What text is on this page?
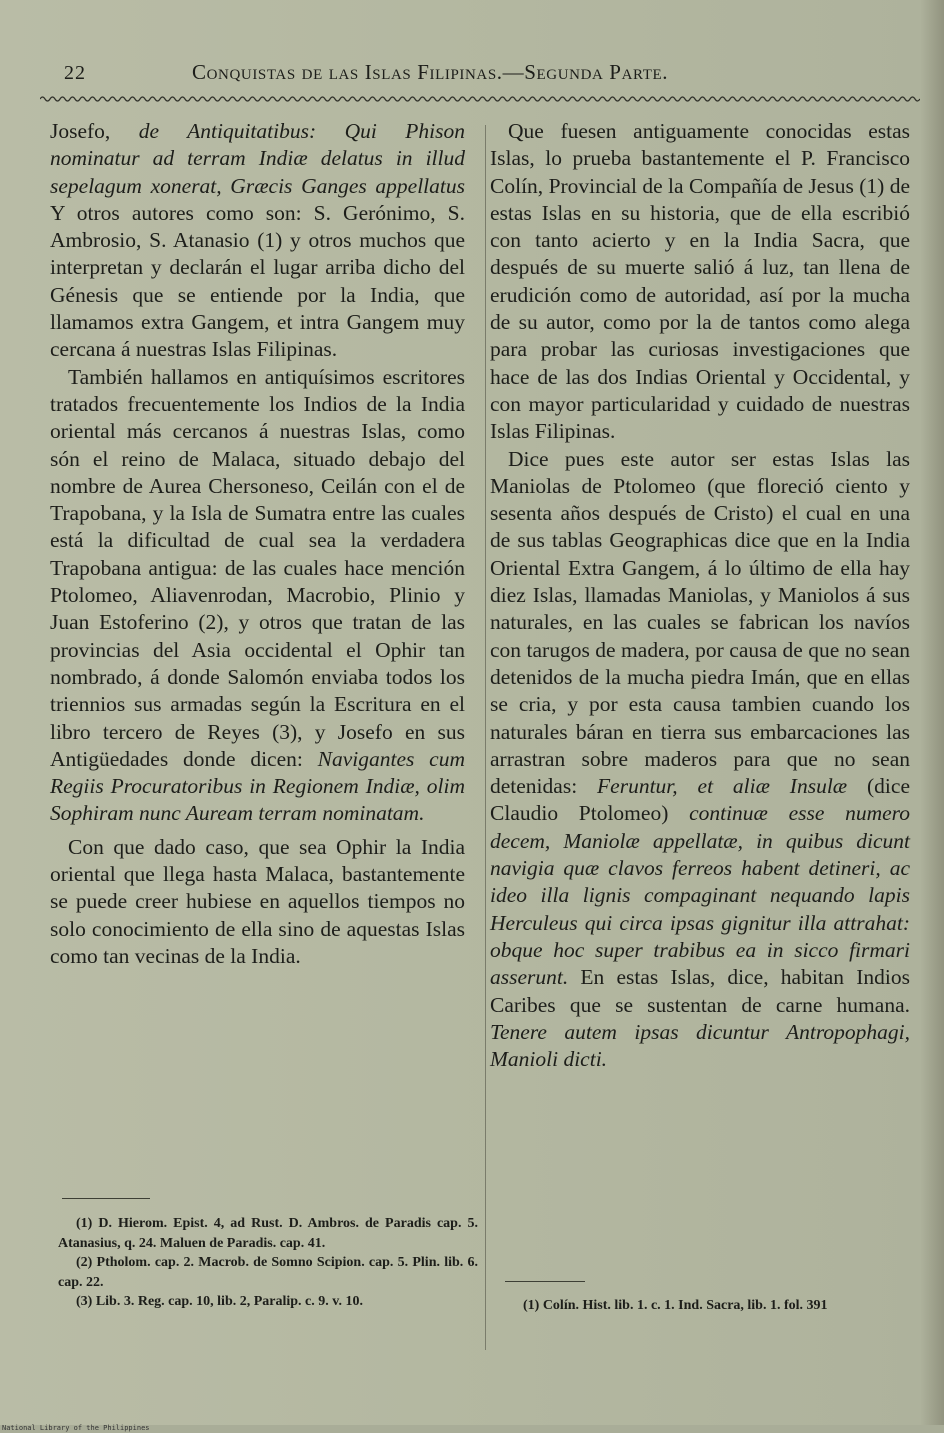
22	Conquistas de las Islas Filipinas.—Segunda Parte.

Josefo, de Antiquitatibus: Qui Phison nominatur ad terram Indiæ delatus in illud sepelagum xonerat, Græcis Ganges appellatus Y otros autores como son: S. Gerónimo, S. Ambrosio, S. Atanasio (1) y otros muchos que interpretan y declarán el lugar arriba dicho del Génesis que se entiende por la India, que llamamos extra Gangem, et intra Gangem muy cercana á nuestras Islas Filipinas.

También hallamos en antiquísimos escritores tratados frecuentemente los Indios de la India oriental más cercanos á nuestras Islas, como són el reino de Malaca, situado debajo del nombre de Aurea Chersoneso, Ceilán con el de Trapobana, y la Isla de Sumatra entre las cuales está la dificultad de cual sea la verdadera Trapobana antigua: de las cuales hace mención Ptolomeo, Aliavenrodan, Macrobio, Plinio y Juan Estoferino (2), y otros que tratan de las provincias del Asia occidental el Ophir tan nombrado, á donde Salomón enviaba todos los triennios sus armadas según la Escritura en el libro tercero de Reyes (3), y Josefo en sus Antigüedades donde dicen: Navigantes cum Regiis Procuratoribus in Regionem Indiæ, olim Sophiram nunc Auream terram nominatam.

Con que dado caso, que sea Ophir la India oriental que llega hasta Malaca, bastantemente se puede creer hubiese en aquellos tiempos no solo conocimiento de ella sino de aquestas Islas como tan vecinas de la India.

Que fuesen antiguamente conocidas estas Islas, lo prueba bastantemente el P. Francisco Colín, Provincial de la Compañía de Jesus (1) de estas Islas en su historia, que de ella escribió con tanto acierto y en la India Sacra, que después de su muerte salió á luz, tan llena de erudición como de autoridad, así por la mucha de su autor, como por la de tantos como alega para probar las curiosas investigaciones que hace de las dos Indias Oriental y Occidental, y con mayor particularidad y cuidado de nuestras Islas Filipinas.

Dice pues este autor ser estas Islas las Maniolas de Ptolomeo (que floreció ciento y sesenta años después de Cristo) el cual en una de sus tablas Geographicas dice que en la India Oriental Extra Gangem, á lo último de ella hay diez Islas, llamadas Maniolas, y Maniolos á sus naturales, en las cuales se fabrican los navíos con tarugos de madera, por causa de que no sean detenidos de la mucha piedra Imán, que en ellas se cria, y por esta causa tambien cuando los naturales báran en tierra sus embarcaciones las arrastran sobre maderos para que no sean detenidas: Feruntur, et aliæ Insulæ (dice Claudio Ptolomeo) continuæ esse numero decem, Maniolæ appellatæ, in quibus dicunt navigia quæ clavos ferreos habent detineri, ac ideo illa lignis compaginant nequando lapis Herculeus qui circa ipsas gignitur illa attrahat: obque hoc super trabibus ea in sicco firmari asserunt. En estas Islas, dice, habitan Indios Caribes que se sustentan de carne humana. Tenere autem ipsas dicuntur Antropophagi, Manioli dicti.

(1) D. Hierom. Epist. 4, ad Rust. D. Ambros. de Paradis cap. 5. Atanasius, q. 24. Maluen de Paradis. cap. 41.

(2) Ptholom. cap. 2. Macrob. de Somno Scipion. cap. 5. Plin. lib. 6. cap. 22.

(3) Lib. 3. Reg. cap. 10, lib. 2, Paralip. c. 9. v. 10.	(1) Colín. Hist. lib. 1. c. 1. Ind. Sacra, lib. 1. fol. 391

National Library of the Philippines
